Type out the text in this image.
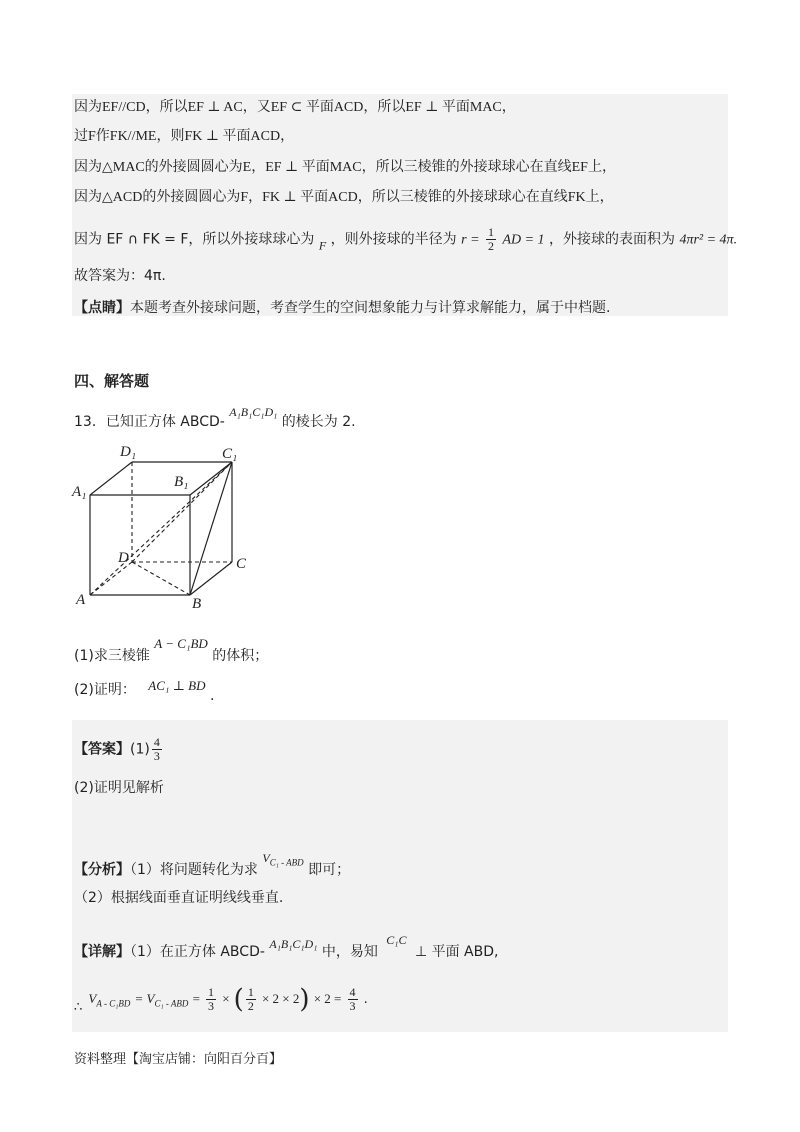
因为EF//CD，所以EF ⊥ AC，又EF ⊂ 平面ACD，所以EF ⊥ 平面MAC，
过F作FK//ME，则FK ⊥ 平面ACD，
因为△MAC的外接圆圆心为E，EF ⊥ 平面MAC，所以三棱锥的外接球球心在直线EF上，
因为△ACD的外接圆圆心为F，FK ⊥ 平面ACD，所以三棱锥的外接球球心在直线FK上，
因为 EF ∩ FK = F，所以外接球球心为 F ，则外接球的半径为 $r = \frac{1}{2}$ AD = 1 ，外接球的表面积为 4πr² = 4π.
故答案为：4π.
【点睛】本题考查外接球问题，考查学生的空间想象能力与计算求解能力，属于中档题.
四、解答题
13．已知正方体 ABCD- A₁B₁C₁D₁ 的棱长为 2.
D₁	C₁
A₁
B₁
D	C
A	B
(1)求三棱锥 A − C₁BD 的体积；
(2)证明： AC₁ ⊥ BD .
【答案】$(1) \frac{4}{3}$
(2)证明见解析
【分析】（1）将问题转化为求 $V_{C_1 - ABD}$ 即可；
（2）根据线面垂直证明线线垂直.
【详解】（1）在正方体 ABCD- A₁B₁C₁D₁ 中，易知 C₁C ⊥ 平面 ABD,
∴ $V_{A - C_1BD} = V_{C_1 - ABD} = \frac{1}{3}$ × ( $\frac{1}{2} \times 2 \times 2) \times 2 = \frac{4}{3}$ .
资料整理【淘宝店铺：向阳百分百】
